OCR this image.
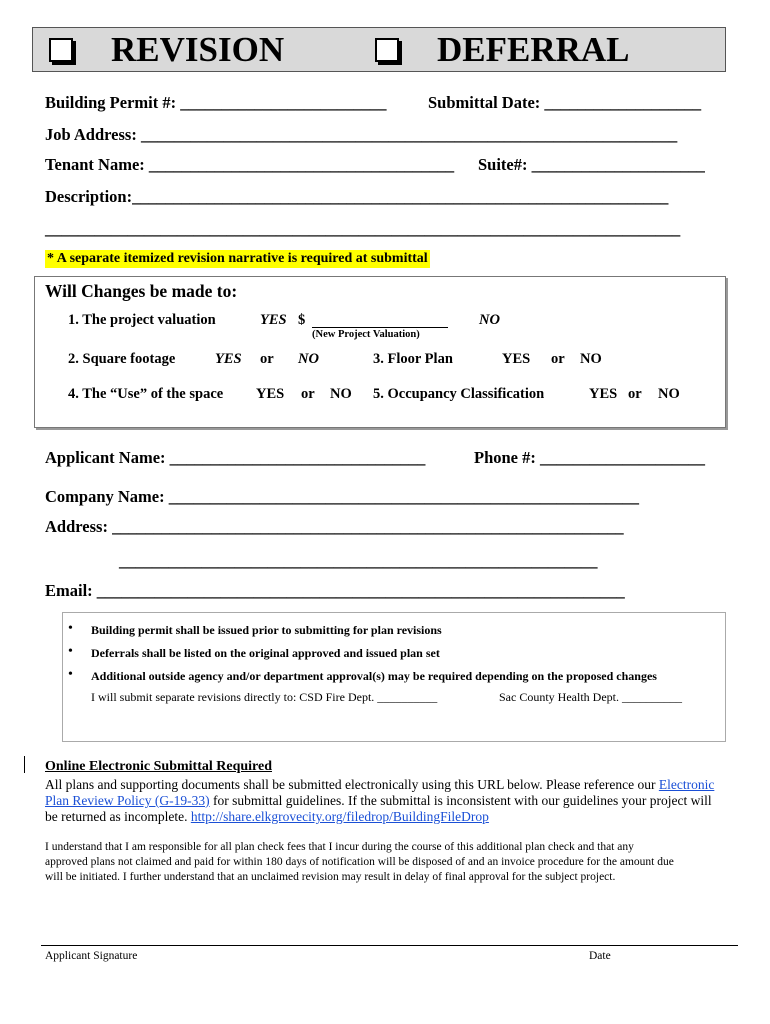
REVISION	DEFERRAL
Building Permit #: _________________________	Submittal Date: ___________________
Job Address: _________________________________________________________________
Tenant Name: _____________________________________ Suite#: _____________________
Description:_________________________________________________________________
_____________________________________________________________________________
* A separate itemized revision narrative is required at submittal
Will Changes be made to:
1. The project valuation	YES $	NO
(New Project Valuation)
2. Square footage	YES or NO	3. Floor Plan	YES or NO
4. The “Use” of the space YES or NO 5. Occupancy Classification	YES or NO
Applicant Name: _______________________________	Phone #: ____________________
Company Name: _________________________________________________________
Address: ______________________________________________________________
__________________________________________________________
Email: ________________________________________________________________
• Building permit shall be issued prior to submitting for plan revisions
• Deferrals shall be listed on the original approved and issued plan set
• Additional outside agency and/or department approval(s) may be required depending on the proposed changes
I will submit separate revisions directly to: CSD Fire Dept. __________	Sac County Health Dept. __________
Online Electronic Submittal Required
All plans and supporting documents shall be submitted electronically using this URL below. Please reference our Electronic
Plan Review Policy (G-19-33) for submittal guidelines. If the submittal is inconsistent with our guidelines your project will
be returned as incomplete. http://share.elkgrovecity.org/filedrop/BuildingFileDrop
I understand that I am responsible for all plan check fees that I incur during the course of this additional plan check and that any
approved plans not claimed and paid for within 180 days of notification will be disposed of and an invoice procedure for the amount due
will be initiated. I further understand that an unclaimed revision may result in delay of final approval for the subject project.
Applicant Signature	Date
